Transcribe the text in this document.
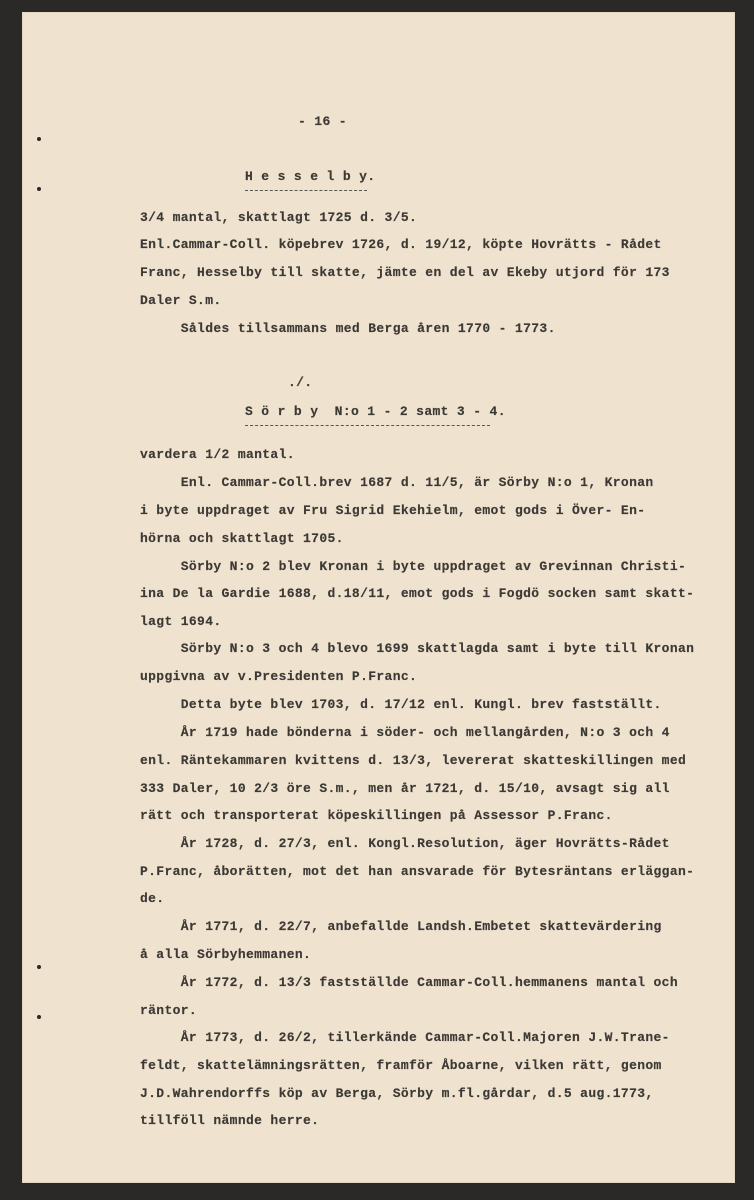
- 16 -
H e s s e l b y.
3/4 mantal, skattlagt 1725 d. 3/5.
Enl.Cammar-Coll. köpebrev 1726, d. 19/12, köpte Hovrätts - Rådet
Franc, Hesselby till skatte, jämte en del av Ekeby utjord för 173
Daler S.m.
Såldes tillsammans med Berga åren 1770 - 1773.
./.
S ö r b y  N:o 1 - 2 samt 3 - 4.
vardera 1/2 mantal.
Enl. Cammar-Coll.brev 1687 d. 11/5, är Sörby N:o 1, Kronan
i byte uppdraget av Fru Sigrid Ekehielm, emot gods i Över- En-
hörna och skattlagt 1705.
Sörby N:o 2 blev Kronan i byte uppdraget av Grevinnan Christi-
ina De la Gardie 1688, d.18/11, emot gods i Fogdö socken samt skatt-
lagt 1694.
Sörby N:o 3 och 4 blevo 1699 skattlagda samt i byte till Kronan
uppgivna av v.Presidenten P.Franc.
Detta byte blev 1703, d. 17/12 enl. Kungl. brev fastställt.
År 1719 hade bönderna i söder- och mellangården, N:o 3 och 4
enl. Räntekammaren kvittens d. 13/3, levererat skatteskillingen med
333 Daler, 10 2/3 öre S.m., men år 1721, d. 15/10, avsagt sig all
rätt och transporterat köpeskillingen på Assessor P.Franc.
År 1728, d. 27/3, enl. Kongl.Resolution, äger Hovrätts-Rådet
P.Franc, åborätten, mot det han ansvarade för Bytesräntans erläggan-
de.
År 1771, d. 22/7, anbefallde Landsh.Embetet skattevärdering
å alla Sörbyhemmanen.
År 1772, d. 13/3 fastställde Cammar-Coll.hemmanens mantal och
räntor.
År 1773, d. 26/2, tillerkände Cammar-Coll.Majoren J.W.Trane-
feldt, skattelämningsrätten, framför Åboarne, vilken rätt, genom
J.D.Wahrendorffs köp av Berga, Sörby m.fl.gårdar, d.5 aug.1773,
tillföll nämnde herre.
